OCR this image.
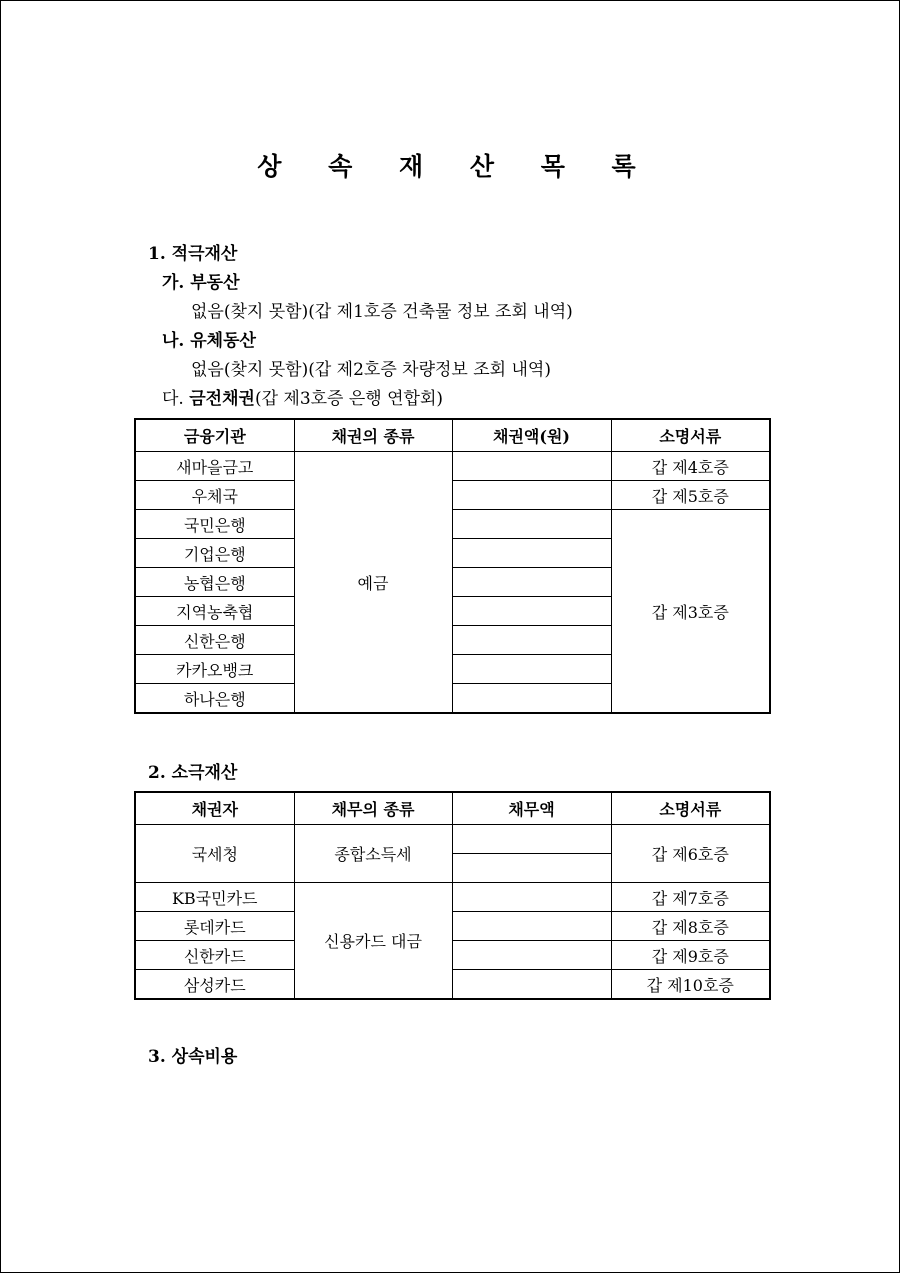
상 속 재 산 목 록
1. 적극재산
가. 부동산
없음(찾지 못함)(갑 제1호증 건축물 정보 조회 내역)
나. 유체동산
없음(찾지 못함)(갑 제2호증 차량정보 조회 내역)
다. 금전채권(갑 제3호증 은행 연합회)
금융기관	채권의 종류	채권액(원)	소명서류
새마을금고	예금		갑 제4호증
우체국			갑 제5호증
국민은행			갑 제3호증
기업은행			
농협은행			
지역농축협			
신한은행			
카카오뱅크			
하나은행			
2. 소극재산
채권자	채무의 종류	채무액	소명서류
국세청	종합소득세		갑 제6호증

KB국민카드	신용카드 대금		갑 제7호증
롯데카드			갑 제8호증
신한카드			갑 제9호증
삼성카드			갑 제10호증
3. 상속비용
